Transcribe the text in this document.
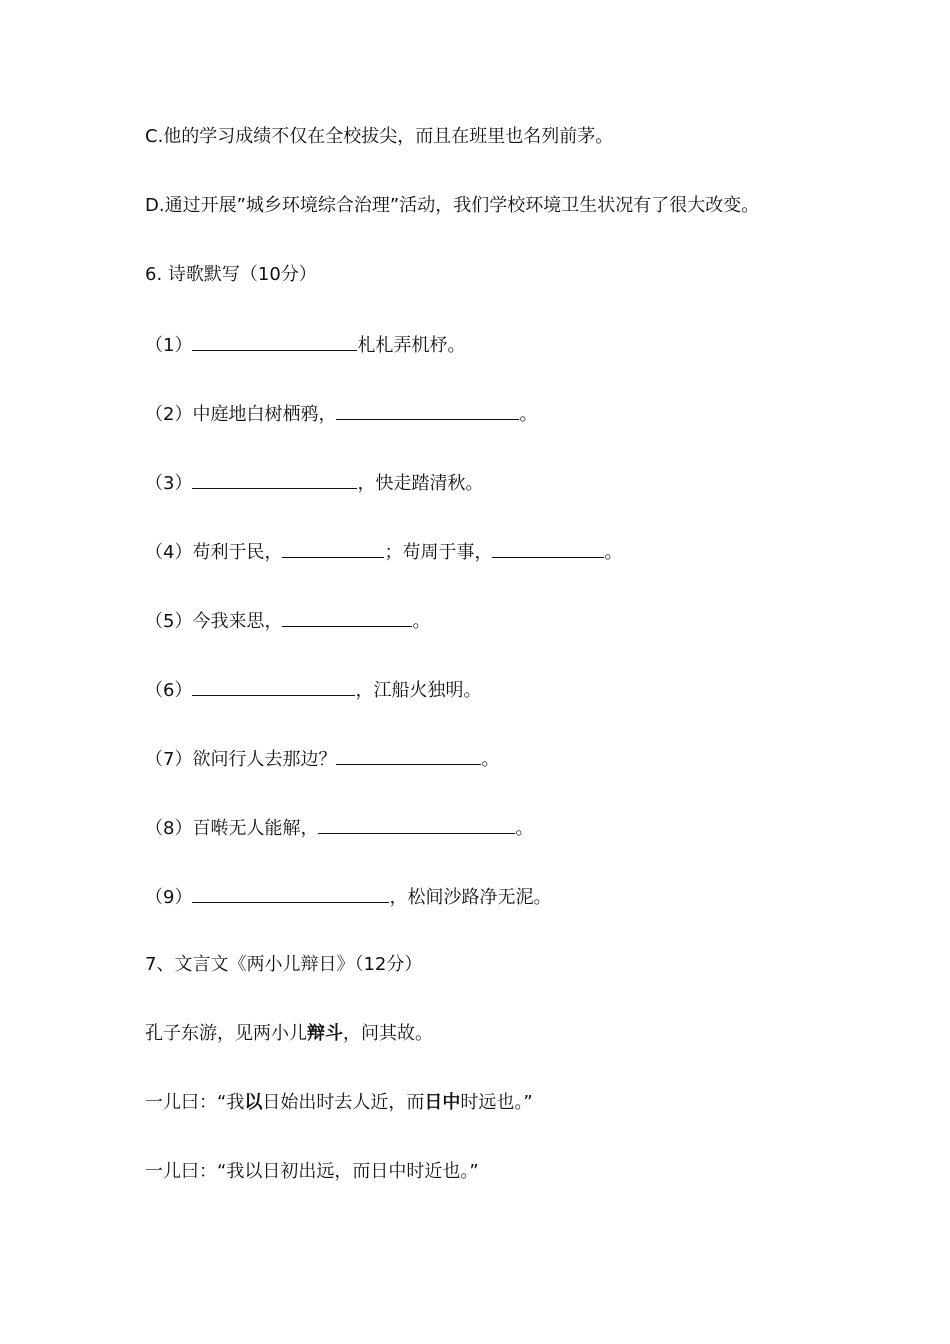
C.他的学习成绩不仅在全校拔尖，而且在班里也名列前茅。
D.通过开展”城乡环境综合治理”活动，我们学校环境卫生状况有了很大改变。
6. 诗歌默写（10分）
（1）	札札弄机杼。
（2）中庭地白树栖鸦，	。
（3）	，快走踏清秋。
（4）苟利于民，	；苟周于事，	。
（5）今我来思，	。
（6）	，江船火独明。
（7）欲问行人去那边？	。
（8）百啭无人能解，	。
（9）	，松间沙路净无泥。
7、文言文《两小儿辩日》（12分）
孔子东游，见两小儿辩斗，问其故。
一儿曰：“我以日始出时去人近，而日中时远也。”
一儿曰：“我以日初出远，而日中时近也。”
